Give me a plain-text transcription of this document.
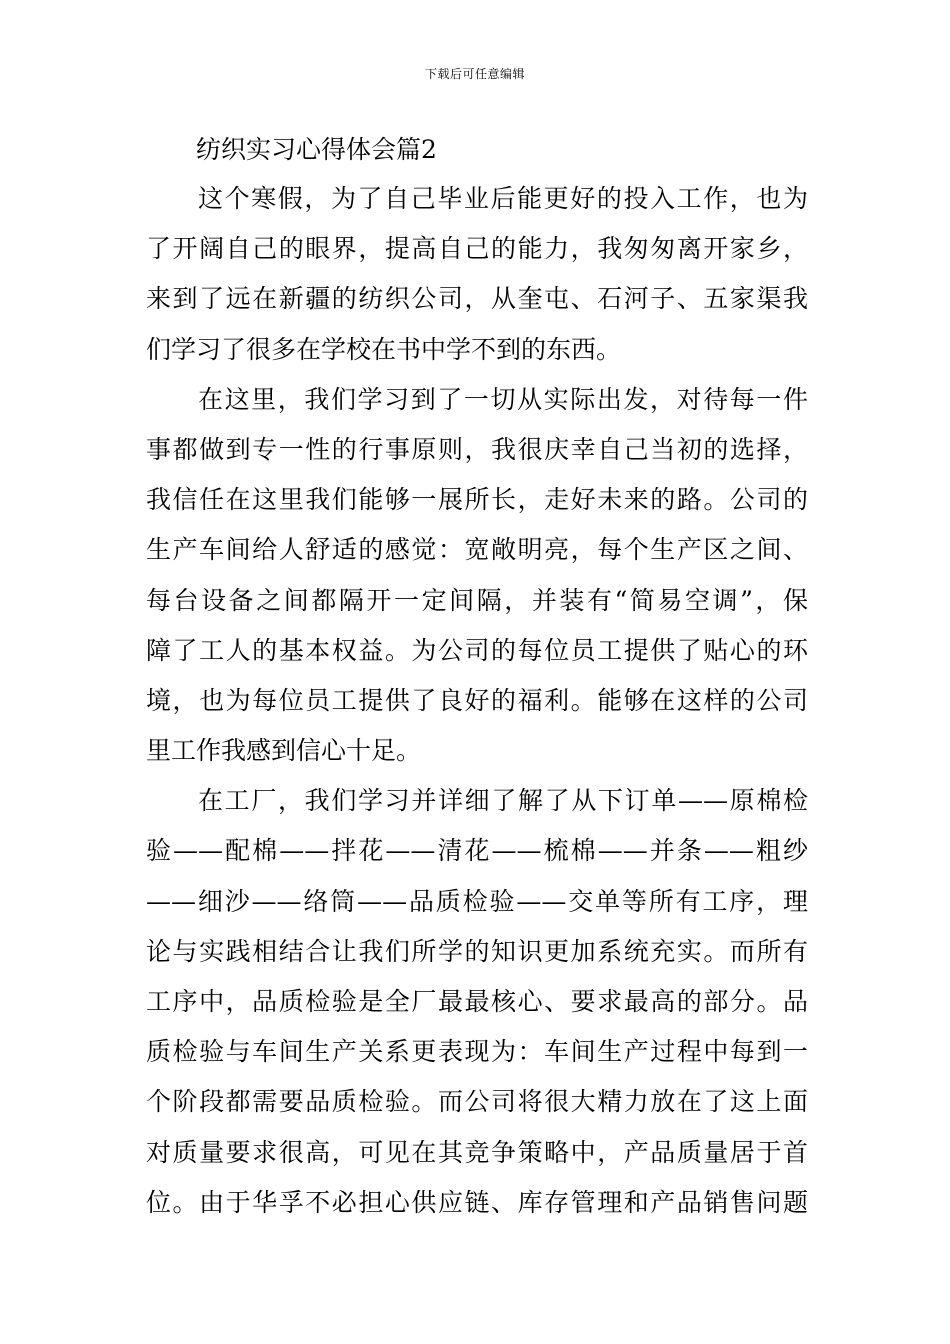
下载后可任意编辑
纺织实习心得体会篇2
这个寒假，为了自己毕业后能更好的投入工作，也为
了开阔自己的眼界，提高自己的能力，我匆匆离开家乡，
来到了远在新疆的纺织公司，从奎屯、石河子、五家渠我
们学习了很多在学校在书中学不到的东西。
在这里，我们学习到了一切从实际出发，对待每一件
事都做到专一性的行事原则，我很庆幸自己当初的选择，
我信任在这里我们能够一展所长，走好未来的路。公司的
生产车间给人舒适的感觉：宽敞明亮，每个生产区之间、
每台设备之间都隔开一定间隔，并装有“简易空调”，保
障了工人的基本权益。为公司的每位员工提供了贴心的环
境，也为每位员工提供了良好的福利。能够在这样的公司
里工作我感到信心十足。
在工厂，我们学习并详细了解了从下订单——原棉检
验——配棉——拌花——清花——梳棉——并条——粗纱
——细沙——络筒——品质检验——交单等所有工序，理
论与实践相结合让我们所学的知识更加系统充实。而所有
工序中，品质检验是全厂最最核心、要求最高的部分。品
质检验与车间生产关系更表现为：车间生产过程中每到一
个阶段都需要品质检验。而公司将很大精力放在了这上面
对质量要求很高，可见在其竞争策略中，产品质量居于首
位。由于华孚不必担心供应链、库存管理和产品销售问题
